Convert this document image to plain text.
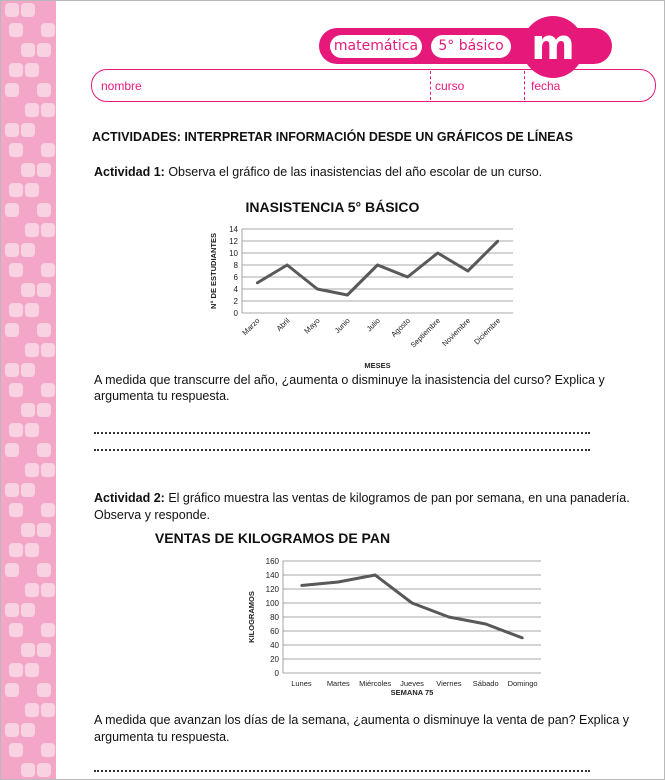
matemática	5° básico m
nombre	curso	fecha
ACTIVIDADES: INTERPRETAR INFORMACIÓN DESDE UN GRÁFICOS DE LÍNEAS
Actividad 1: Observa el gráfico de las inasistencias del año escolar de un curso.
INASISTENCIA 5° BÁSICO
0
2
4
6
8
10
12
14
Marzo Abril Mayo Junio Julio Agosto
Septiembre
Noviembre Diciembre
MESES
N° DE ESTUDIANTES
A medida que transcurre del año, ¿aumenta o disminuye la inasistencia del curso? Explica y
argumenta tu respuesta.
Actividad 2: El gráfico muestra las ventas de kilogramos de pan por semana, en una panadería.
Observa y responde.
VENTAS DE KILOGRAMOS DE PAN
0
20
40
60
80
100
120
140
160
Lunes Martes Miércoles Jueves Viernes Sábado Domingo
SEMANA 75
KILOGRAMOS
A medida que avanzan los días de la semana, ¿aumenta o disminuye la venta de pan? Explica y
argumenta tu respuesta.
